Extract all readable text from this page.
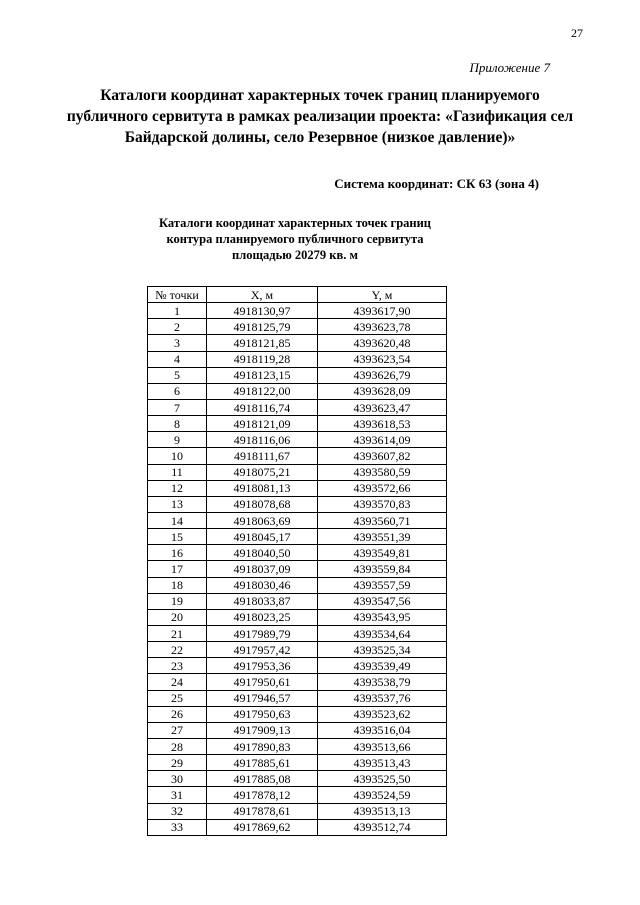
27
Приложение 7
Каталоги координат характерных точек границ планируемого
публичного сервитута в рамках реализации проекта: «Газификация сел
Байдарской долины, село Резервное (низкое давление)»
Система координат: СК 63 (зона 4)
Каталоги координат характерных точек границ
контура планируемого публичного сервитута
площадью 20279 кв. м
№ точки	X, м	Y, м
1	4918130,97	4393617,90
2	4918125,79	4393623,78
3	4918121,85	4393620,48
4	4918119,28	4393623,54
5	4918123,15	4393626,79
6	4918122,00	4393628,09
7	4918116,74	4393623,47
8	4918121,09	4393618,53
9	4918116,06	4393614,09
10	4918111,67	4393607,82
11	4918075,21	4393580,59
12	4918081,13	4393572,66
13	4918078,68	4393570,83
14	4918063,69	4393560,71
15	4918045,17	4393551,39
16	4918040,50	4393549,81
17	4918037,09	4393559,84
18	4918030,46	4393557,59
19	4918033,87	4393547,56
20	4918023,25	4393543,95
21	4917989,79	4393534,64
22	4917957,42	4393525,34
23	4917953,36	4393539,49
24	4917950,61	4393538,79
25	4917946,57	4393537,76
26	4917950,63	4393523,62
27	4917909,13	4393516,04
28	4917890,83	4393513,66
29	4917885,61	4393513,43
30	4917885,08	4393525,50
31	4917878,12	4393524,59
32	4917878,61	4393513,13
33	4917869,62	4393512,74
